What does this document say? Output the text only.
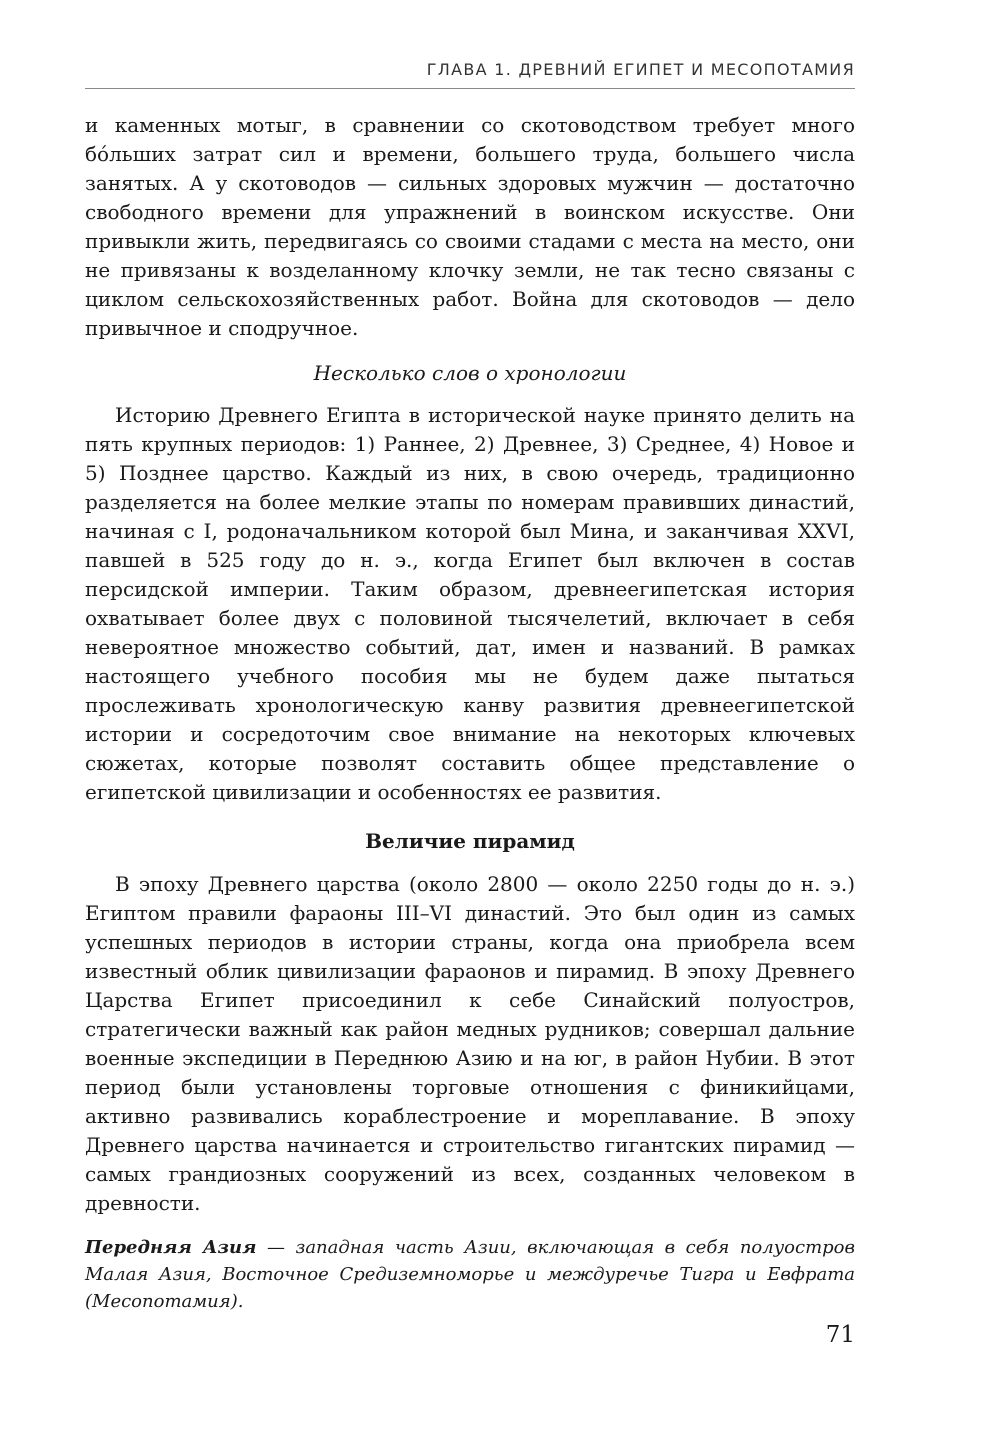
ГЛАВА 1. ДРЕВНИЙ ЕГИПЕТ И МЕСОПОТАМИЯ

и каменных мотыг, в сравнении со скотоводством требует много бóльших затрат сил и времени, большего труда, большего числа занятых. А у скотоводов — сильных здоровых мужчин — достаточно свободного времени для упражнений в воинском искусстве. Они привыкли жить, передвигаясь со своими стадами с места на место, они не привязаны к возделанному клочку земли, не так тесно связаны с циклом сельскохозяйственных работ. Война для скотоводов — дело привычное и сподручное.

Несколько слов о хронологии

Историю Древнего Египта в исторической науке принято делить на пять крупных периодов: 1) Раннее, 2) Древнее, 3) Среднее, 4) Новое и 5) Позднее царство. Каждый из них, в свою очередь, традиционно разделяется на более мелкие этапы по номерам правивших династий, начиная с I, родоначальником которой был Мина, и заканчивая XXVI, павшей в 525 году до н. э., когда Египет был включен в состав персидской империи. Таким образом, древнеегипетская история охватывает более двух с половиной тысячелетий, включает в себя невероятное множество событий, дат, имен и названий. В рамках настоящего учебного пособия мы не будем даже пытаться прослеживать хронологическую канву развития древнеегипетской истории и сосредоточим свое внимание на некоторых ключевых сюжетах, которые позволят составить общее представление о египетской цивилизации и особенностях ее развития.

Величие пирамид

В эпоху Древнего царства (около 2800 — около 2250 годы до н. э.) Египтом правили фараоны III–VI династий. Это был один из самых успешных периодов в истории страны, когда она приобрела всем известный облик цивилизации фараонов и пирамид. В эпоху Древнего Царства Египет присоединил к себе Синайский полуостров, стратегически важный как район медных рудников; совершал дальние военные экспедиции в Переднюю Азию и на юг, в район Нубии. В этот период были установлены торговые отношения с финикийцами, активно развивались кораблестроение и мореплавание. В эпоху Древнего царства начинается и строительство гигантских пирамид — самых грандиозных сооружений из всех, созданных человеком в древности.

Передняя Азия — западная часть Азии, включающая в себя полуостров Малая Азия, Восточное Средиземноморье и междуречье Тигра и Евфрата (Месопотамия).
71
